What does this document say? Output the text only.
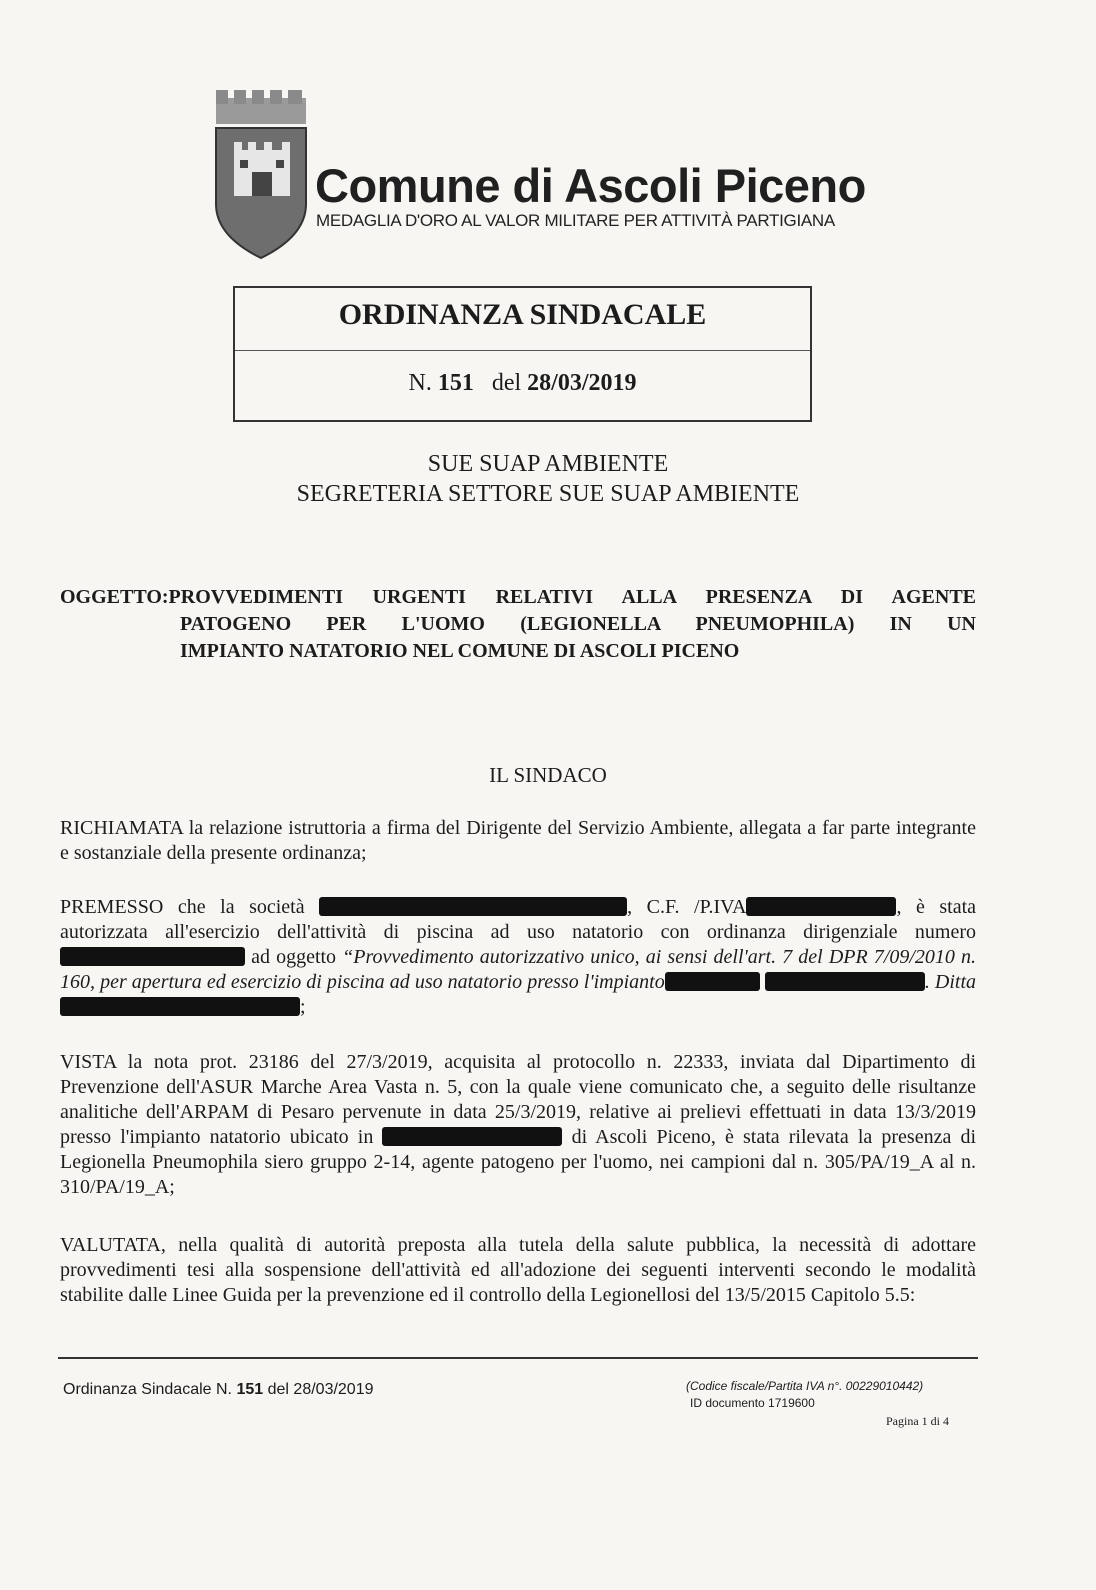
Comune di Ascoli Piceno
MEDAGLIA D'ORO AL VALOR MILITARE PER ATTIVITÀ PARTIGIANA
ORDINANZA SINDACALE
N. 151 del 28/03/2019
SUE SUAP AMBIENTE
SEGRETERIA SETTORE SUE SUAP AMBIENTE
OGGETTO:PROVVEDIMENTI URGENTI RELATIVI ALLA PRESENZA DI AGENTE
PATOGENO PER L'UOMO (LEGIONELLA PNEUMOPHILA) IN UN
IMPIANTO NATATORIO NEL COMUNE DI ASCOLI PICENO
IL SINDACO
RICHIAMATA la relazione istruttoria a firma del Dirigente del Servizio Ambiente, allegata a far parte integrante e sostanziale della presente ordinanza;
PREMESSO che la società	, C.F. /P.IVA	, è stata autorizzata all'esercizio dell'attività di piscina ad uso natatorio con ordinanza dirigenziale numero  ad oggetto “Provvedimento autorizzativo unico, ai sensi dell'art. 7 del DPR 7/09/2010 n. 160, per apertura ed esercizio di piscina ad uso natatorio presso l'impianto	. Ditta;
VISTA la nota prot. 23186 del 27/3/2019, acquisita al protocollo n. 22333, inviata dal Dipartimento di Prevenzione dell'ASUR Marche Area Vasta n. 5, con la quale viene comunicato che, a seguito delle risultanze analitiche dell'ARPAM di Pesaro pervenute in data 25/3/2019, relative ai prelievi effettuati in data 13/3/2019 presso l'impianto natatorio ubicato in	di Ascoli Piceno, è stata rilevata la presenza di Legionella Pneumophila siero gruppo 2-14, agente patogeno per l'uomo, nei campioni dal n. 305/PA/19_A al n. 310/PA/19_A;
VALUTATA, nella qualità di autorità preposta alla tutela della salute pubblica, la necessità di adottare provvedimenti tesi alla sospensione dell'attività ed all'adozione dei seguenti interventi secondo le modalità stabilite dalle Linee Guida per la prevenzione ed il controllo della Legionellosi del 13/5/2015 Capitolo 5.5:
Ordinanza Sindacale N. 151 del 28/03/2019	(Codice fiscale/Partita IVA n°. 00229010442)
ID documento 1719600
Pagina 1 di 4
